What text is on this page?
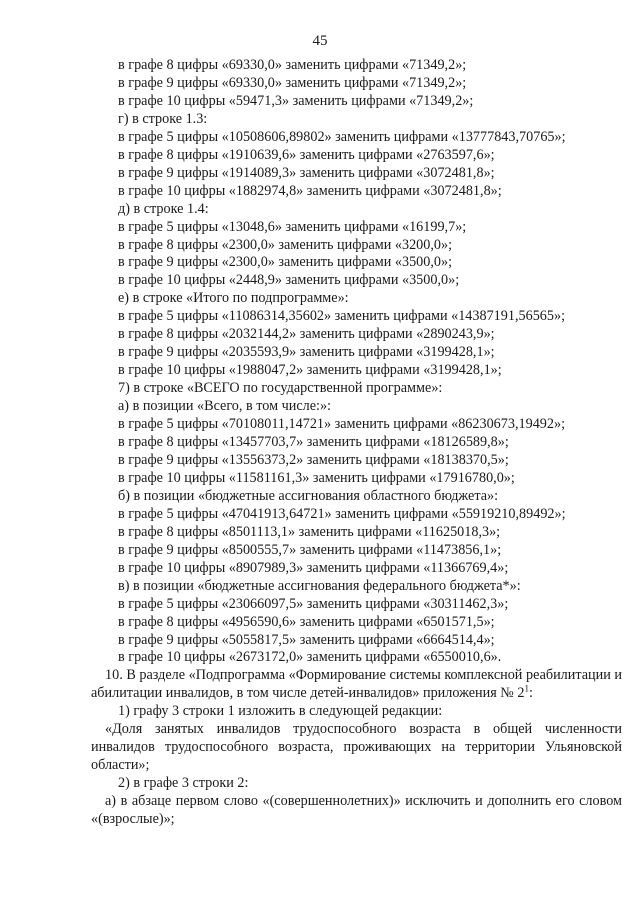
45
в графе 8 цифры «69330,0» заменить цифрами «71349,2»;
в графе 9 цифры «69330,0» заменить цифрами «71349,2»;
в графе 10 цифры «59471,3» заменить цифрами «71349,2»;
г) в строке 1.3:
в графе 5 цифры «10508606,89802» заменить цифрами «13777843,70765»;
в графе 8 цифры «1910639,6» заменить цифрами «2763597,6»;
в графе 9 цифры «1914089,3» заменить цифрами «3072481,8»;
в графе 10 цифры «1882974,8» заменить цифрами «3072481,8»;
д) в строке 1.4:
в графе 5 цифры «13048,6» заменить цифрами «16199,7»;
в графе 8 цифры «2300,0» заменить цифрами «3200,0»;
в графе 9 цифры «2300,0» заменить цифрами «3500,0»;
в графе 10 цифры «2448,9» заменить цифрами «3500,0»;
е) в строке «Итого по подпрограмме»:
в графе 5 цифры «11086314,35602» заменить цифрами «14387191,56565»;
в графе 8 цифры «2032144,2» заменить цифрами «2890243,9»;
в графе 9 цифры «2035593,9» заменить цифрами «3199428,1»;
в графе 10 цифры «1988047,2» заменить цифрами «3199428,1»;
7) в строке «ВСЕГО по государственной программе»:
а) в позиции «Всего, в том числе:»:
в графе 5 цифры «70108011,14721» заменить цифрами «86230673,19492»;
в графе 8 цифры «13457703,7» заменить цифрами «18126589,8»;
в графе 9 цифры «13556373,2» заменить цифрами «18138370,5»;
в графе 10 цифры «11581161,3» заменить цифрами «17916780,0»;
б) в позиции «бюджетные ассигнования областного бюджета»:
в графе 5 цифры «47041913,64721» заменить цифрами «55919210,89492»;
в графе 8 цифры «8501113,1» заменить цифрами «11625018,3»;
в графе 9 цифры «8500555,7» заменить цифрами «11473856,1»;
в графе 10 цифры «8907989,3» заменить цифрами «11366769,4»;
в) в позиции «бюджетные ассигнования федерального бюджета*»:
в графе 5 цифры «23066097,5» заменить цифрами «30311462,3»;
в графе 8 цифры «4956590,6» заменить цифрами «6501571,5»;
в графе 9 цифры «5055817,5» заменить цифрами «6664514,4»;
в графе 10 цифры «2673172,0» заменить цифрами «6550010,6».
10. В разделе «Подпрограмма «Формирование системы комплексной реабилитации и абилитации инвалидов, в том числе детей-инвалидов» приложения № $2^1$:
1) графу 3 строки 1 изложить в следующей редакции:
«Доля занятых инвалидов трудоспособного возраста в общей численности инвалидов трудоспособного возраста, проживающих на территории Ульяновской области»;
2) в графе 3 строки 2:
а) в абзаце первом слово «(совершеннолетних)» исключить и дополнить его словом «(взрослые)»;
